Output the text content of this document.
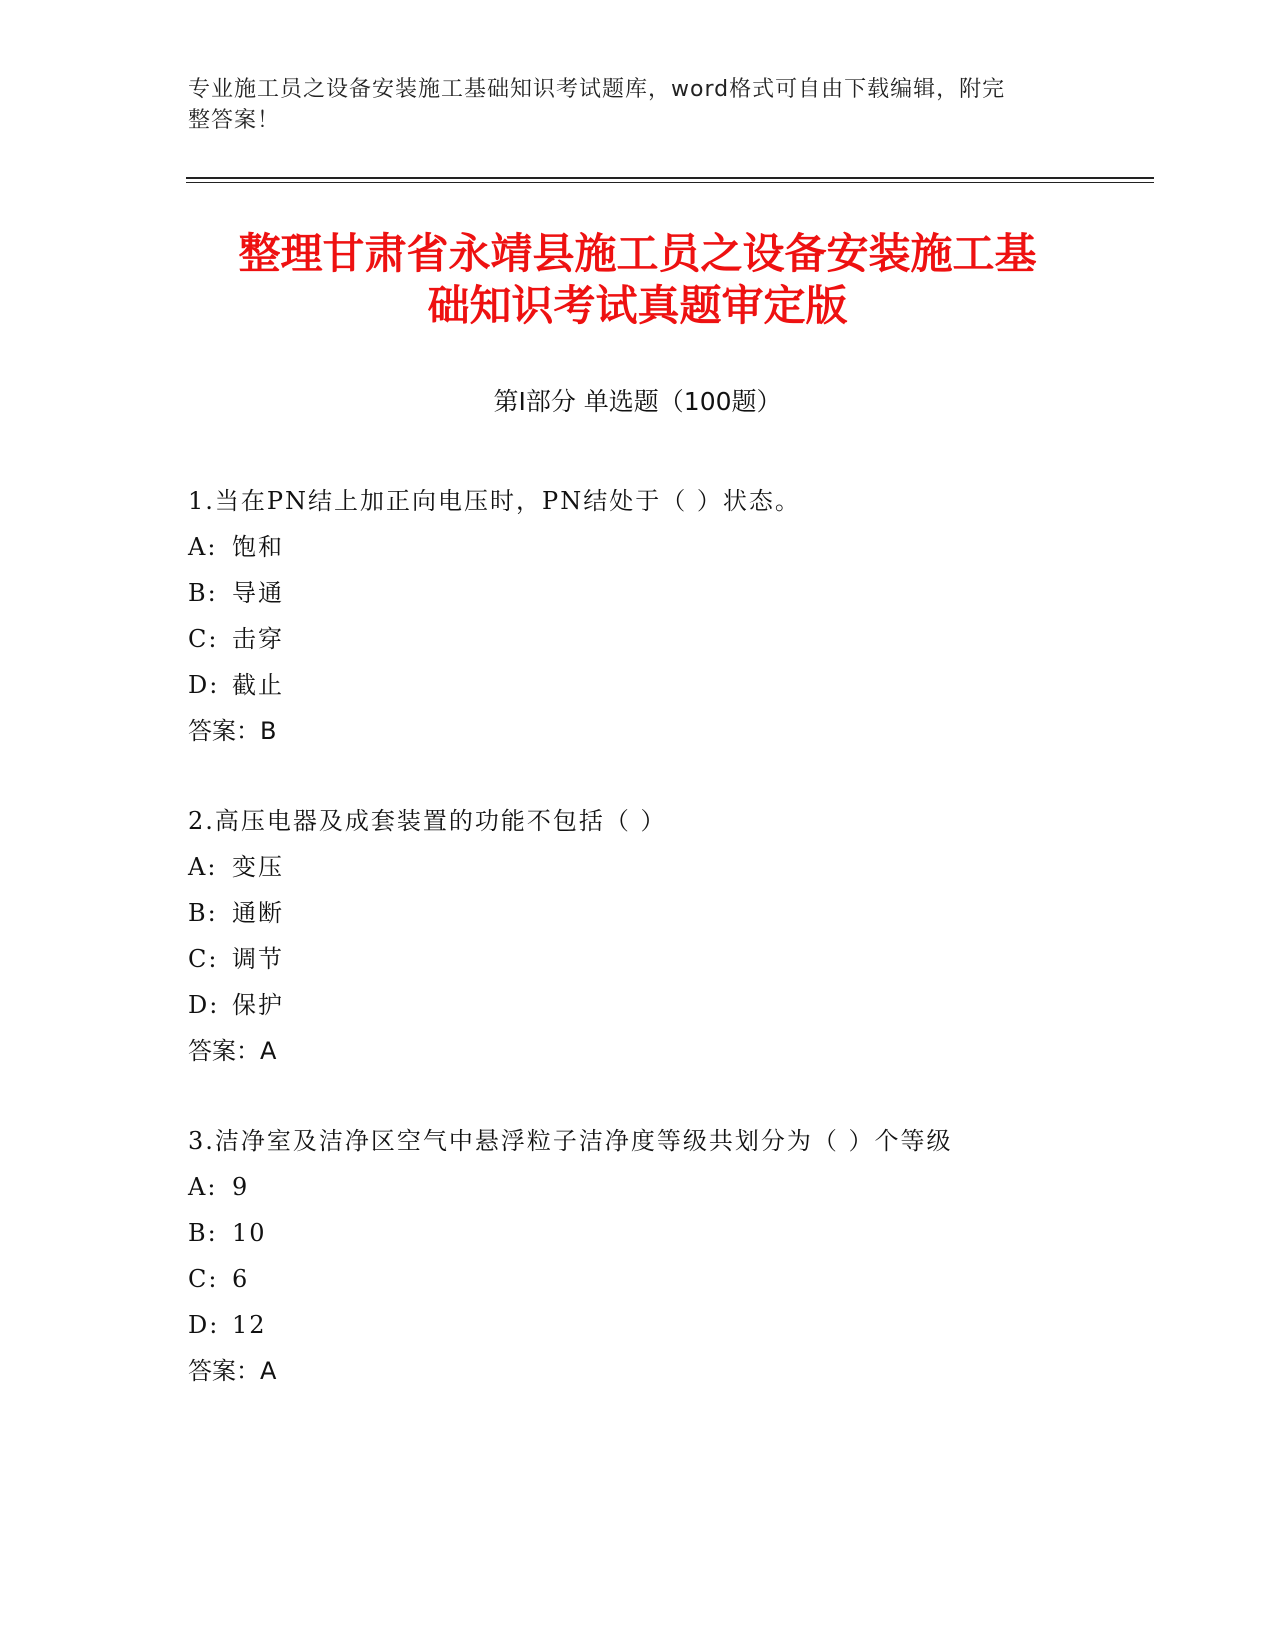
专业施工员之设备安装施工基础知识考试题库，word格式可自由下载编辑，附完
整答案！
整理甘肃省永靖县施工员之设备安装施工基
础知识考试真题审定版
第Ⅰ部分 单选题（100题）
1.当在PN结上加正向电压时，PN结处于（ ）状态。
A: 饱和
B: 导通
C: 击穿
D: 截止
答案：B
2.高压电器及成套装置的功能不包括（ ）
A: 变压
B: 通断
C: 调节
D: 保护
答案：A
3.洁净室及洁净区空气中悬浮粒子洁净度等级共划分为（ ）个等级
A: 9
B: 10
C: 6
D: 12
答案：A
